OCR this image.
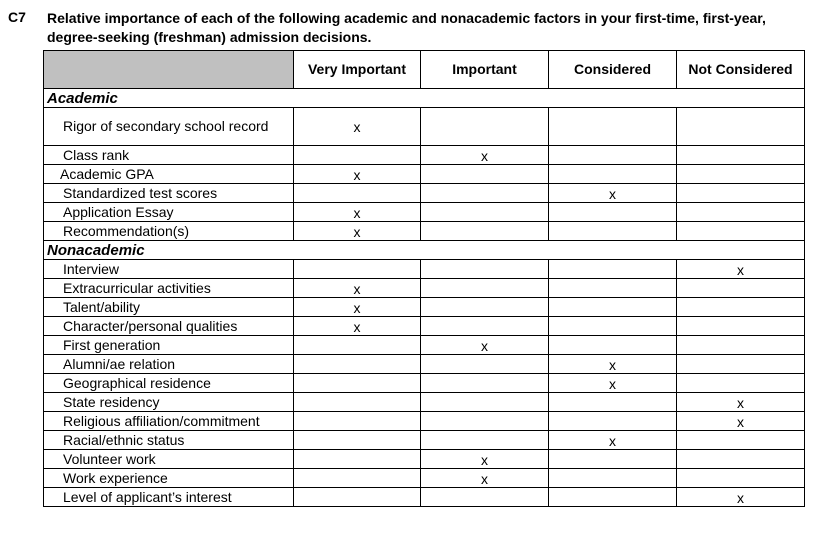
C7 Relative importance of each of the following academic and nonacademic factors in your first-time, first-year, degree-seeking (freshman) admission decisions.
	Very Important	Important	Considered	Not Considered
Academic				
Rigor of secondary school record	x			
Class rank		x		
Academic GPA	x			
Standardized test scores			x	
Application Essay	x			
Recommendation(s)	x			
Nonacademic				
Interview				x
Extracurricular activities	x			
Talent/ability	x			
Character/personal qualities	x			
First generation		x		
Alumni/ae relation			x	
Geographical residence			x	
State residency				x
Religious affiliation/commitment				x
Racial/ethnic status			x	
Volunteer work		x		
Work experience		x		
Level of applicant’s interest				x
